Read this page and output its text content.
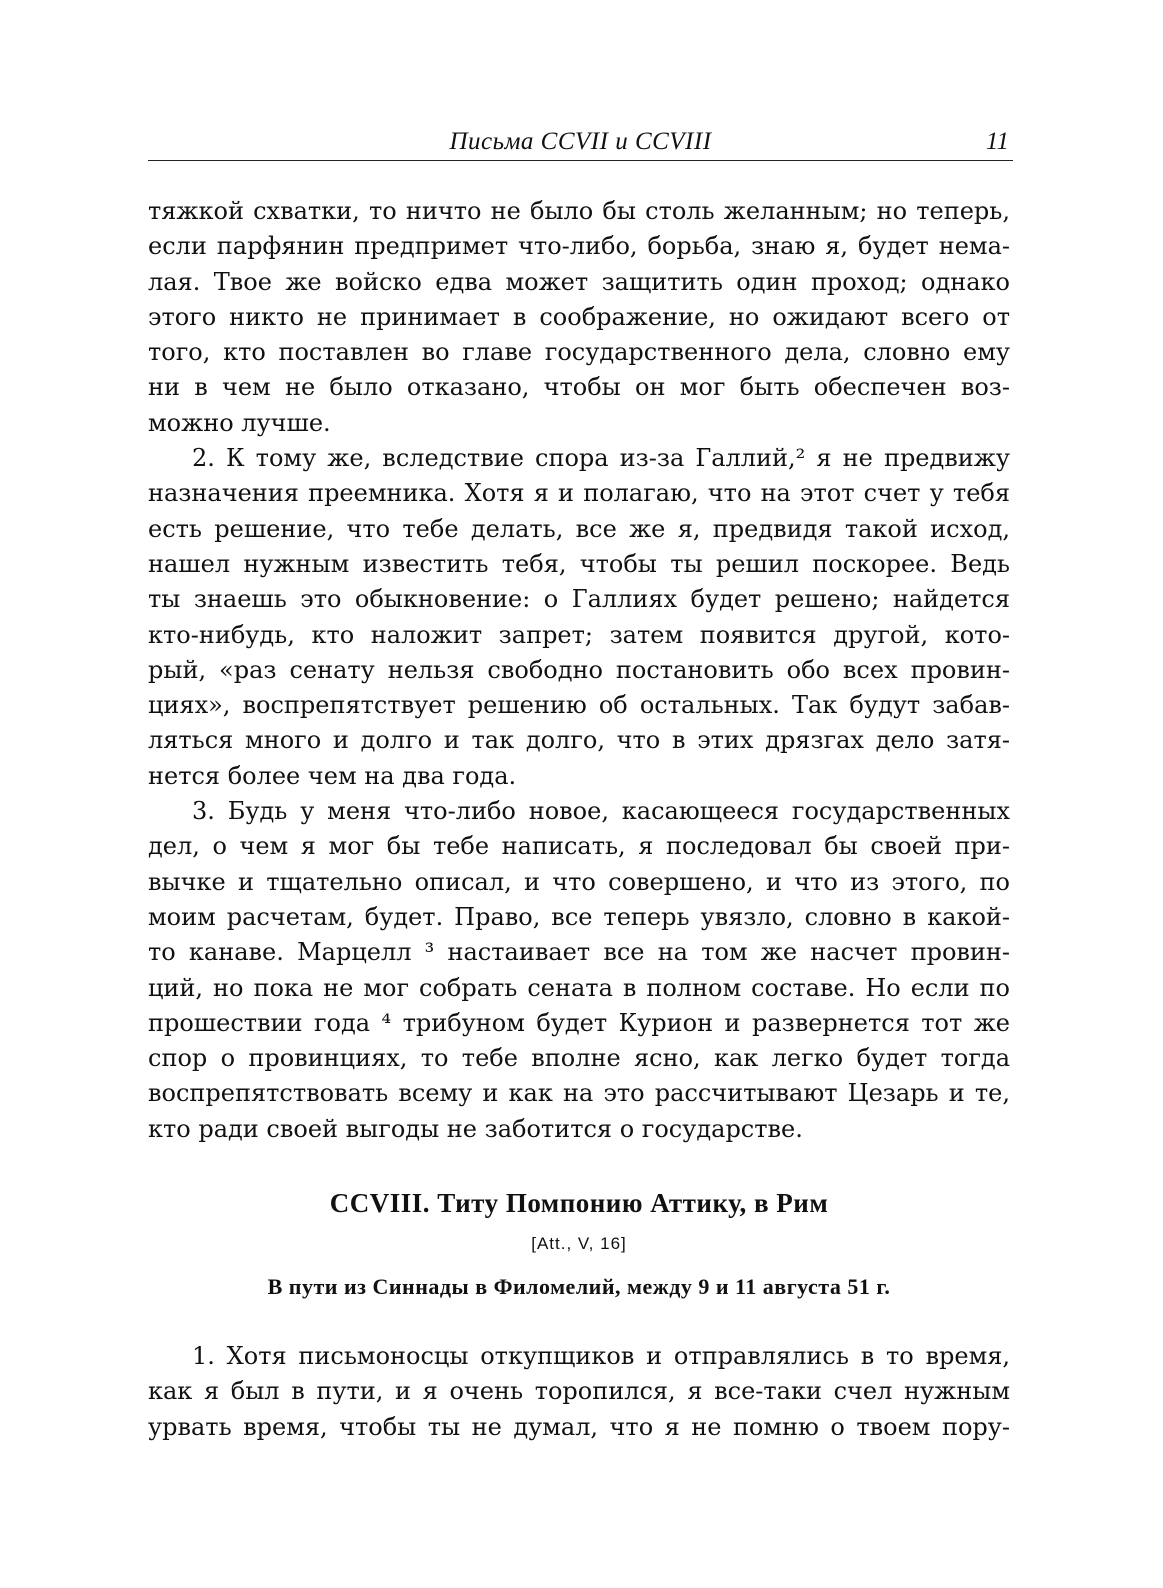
Письма CCVII и CCVIII	11
тяжкой схватки, то ничто не было бы столь желанным; но теперь,
если парфянин предпримет что-либо, борьба, знаю я, будет нема-
лая. Твое же войско едва может защитить один проход; однако
этого никто не принимает в соображение, но ожидают всего от
того, кто поставлен во главе государственного дела, словно ему
ни в чем не было отказано, чтобы он мог быть обеспечен воз-
можно лучше.
2. К тому же, вследствие спора из-за Галлий,² я не предвижу
назначения преемника. Хотя я и полагаю, что на этот счет у тебя
есть решение, что тебе делать, все же я, предвидя такой исход,
нашел нужным известить тебя, чтобы ты решил поскорее. Ведь
ты знаешь это обыкновение: о Галлиях будет решено; найдется
кто-нибудь, кто наложит запрет; затем появится другой, кото-
рый, «раз сенату нельзя свободно постановить обо всех провин-
циях», воспрепятствует решению об остальных. Так будут забав-
ляться много и долго и так долго, что в этих дрязгах дело затя-
нется более чем на два года.
3. Будь у меня что-либо новое, касающееся государственных
дел, о чем я мог бы тебе написать, я последовал бы своей при-
вычке и тщательно описал, и что совершено, и что из этого, по
моим расчетам, будет. Право, все теперь увязло, словно в какой-
то канаве. Марцелл ³ настаивает все на том же насчет провин-
ций, но пока не мог собрать сената в полном составе. Но если по
прошествии года ⁴ трибуном будет Курион и развернется тот же
спор о провинциях, то тебе вполне ясно, как легко будет тогда
воспрепятствовать всему и как на это рассчитывают Цезарь и те,
кто ради своей выгоды не заботится о государстве.
CCVIII. Титу Помпонию Аттику, в Рим
[Att., V, 16]
В пути из Синнады в Филомелий, между 9 и 11 августа 51 г.
1. Хотя письмоносцы откупщиков и отправлялись в то время,
как я был в пути, и я очень торопился, я все-таки счел нужным
урвать время, чтобы ты не думал, что я не помню о твоем пору-
